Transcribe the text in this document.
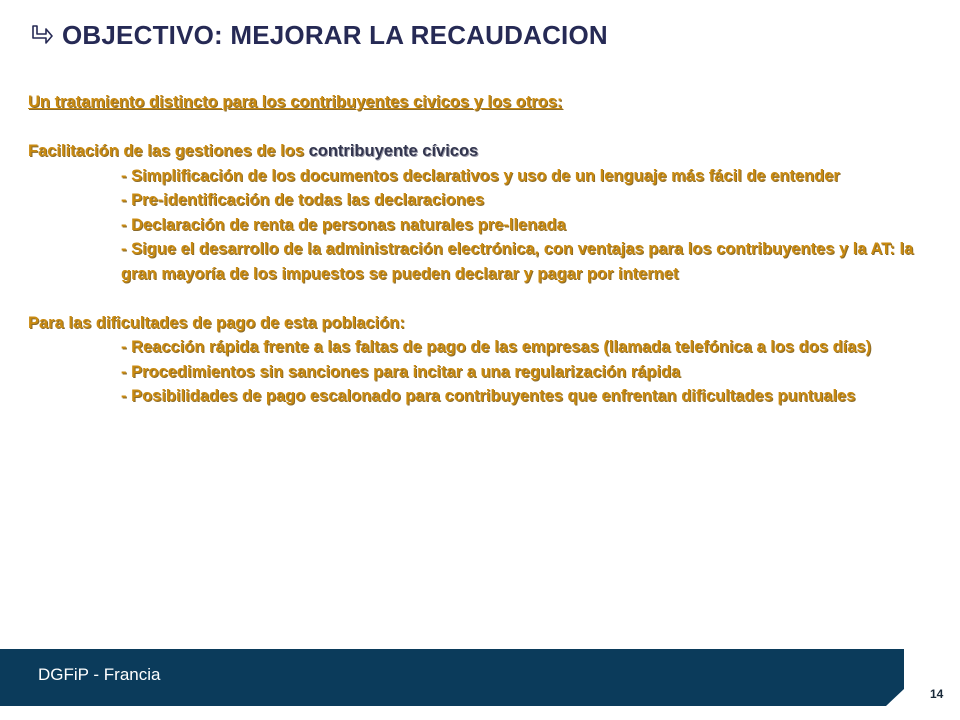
OBJECTIVO: MEJORAR LA RECAUDACION
Un tratamiento distincto para los contribuyentes civicos y los otros:
Facilitación de las gestiones de los contribuyente cívicos
- Simplificación de los documentos declarativos y uso de un lenguaje más fácil de entender
- Pre-identificación de todas las declaraciones
- Declaración de renta de personas naturales pre-llenada
- Sigue el desarrollo de la administración electrónica, con ventajas para los contribuyentes y la AT: la gran mayoría de los impuestos se pueden declarar y pagar por internet
Para las dificultades de pago de esta población:
- Reacción rápida frente a las faltas de pago de las empresas (llamada telefónica a los dos días)
- Procedimientos sin sanciones para incitar a una regularización rápida
- Posibilidades de pago escalonado para contribuyentes que enfrentan dificultades puntuales
DGFiP - Francia
14
